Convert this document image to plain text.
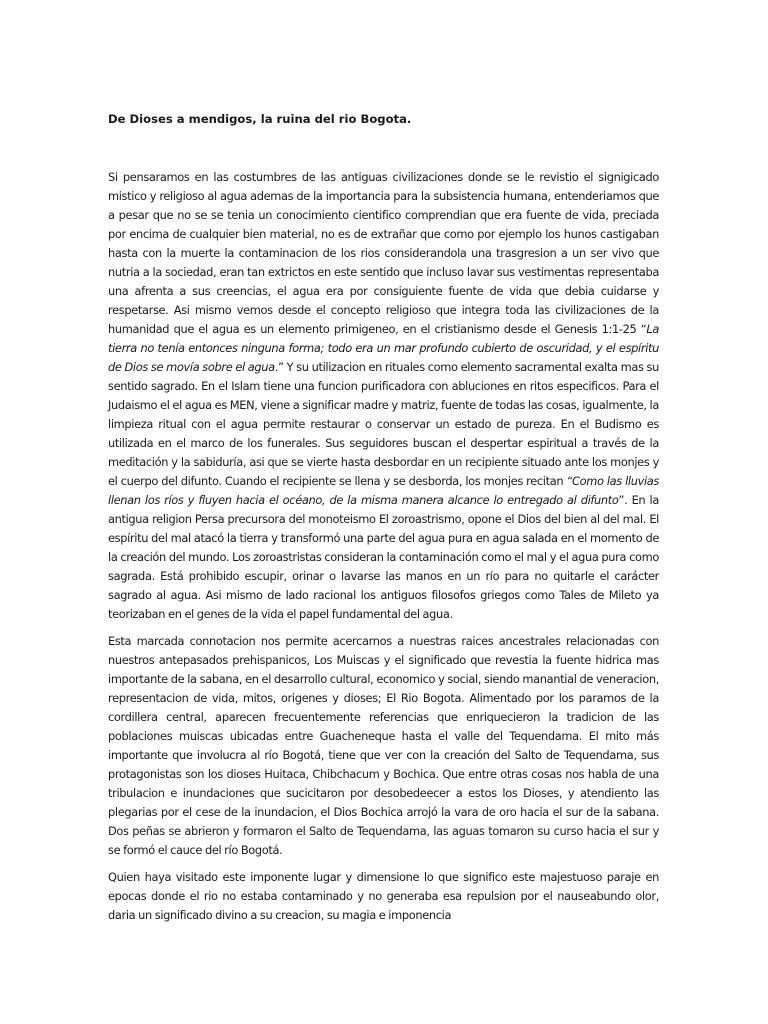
De Dioses a mendigos, la ruina del rio Bogota.

Si pensaramos en las costumbres de las antiguas civilizaciones donde se le revistio el signigicado mistico y religioso al agua ademas de la importancia para la subsistencia humana, entenderiamos que a pesar que no se se tenia un conocimiento cientifico comprendian que era fuente de vida, preciada por encima de cualquier bien material, no es de extrañar que como por ejemplo los hunos castigaban hasta con la muerte la contaminacion de los rios considerandola una trasgresion a un ser vivo que nutria a la sociedad, eran tan extrictos en este sentido que incluso lavar sus vestimentas representaba una afrenta a sus creencias, el agua era por consiguiente fuente de vida que debia cuidarse y respetarse. Asi mismo vemos desde el concepto religioso que integra toda las civilizaciones de la humanidad que el agua es un elemento primigeneo, en el cristianismo desde el Genesis 1:1-25 “La tierra no tenía entonces ninguna forma; todo era un mar profundo cubierto de oscuridad, y el espíritu de Dios se movía sobre el agua.” Y su utilizacion en rituales como elemento sacramental exalta mas su sentido sagrado. En el Islam tiene una funcion purificadora con abluciones en ritos especificos. Para el Judaismo el el agua es MEN, viene a significar madre y matriz, fuente de todas las cosas, igualmente, la limpieza ritual con el agua permite restaurar o conservar un estado de pureza. En el Budismo es utilizada en el marco de los funerales. Sus seguidores buscan el despertar espiritual a través de la meditación y la sabiduría, asi que se vierte hasta desbordar en un recipiente situado ante los monjes y el cuerpo del difunto. Cuando el recipiente se llena y se desborda, los monjes recitan “Como las lluvias llenan los ríos y fluyen hacia el océano, de la misma manera alcance lo entregado al difunto”. En la antigua religion Persa precursora del monoteismo El zoroastrismo, opone el Dios del bien al del mal. El espíritu del mal atacó la tierra y transformó una parte del agua pura en agua salada en el momento de la creación del mundo. Los zoroastristas consideran la contaminación como el mal y el agua pura como sagrada. Está prohibido escupir, orinar o lavarse las manos en un río para no quitarle el carácter sagrado al agua. Asi mismo de lado racional los antiguos filosofos griegos como Tales de Mileto ya teorizaban en el genes de la vida el papel fundamental del agua.

Esta marcada connotacion nos permite acercarnos a nuestras raices ancestrales relacionadas con nuestros antepasados prehispanicos, Los Muiscas y el significado que revestia la fuente hidrica mas importante de la sabana, en el desarrollo cultural, economico y social, siendo manantial de veneracion, representacion de vida, mitos, origenes y dioses; El Rio Bogota. Alimentado por los paramos de la cordillera central, aparecen frecuentemente referencias que enriquecieron la tradicion de las poblaciones muiscas ubicadas entre Guacheneque hasta el valle del Tequendama. El mito más importante que involucra al río Bogotá, tiene que ver con la creación del Salto de Tequendama, sus protagonistas son los dioses Huitaca, Chibchacum y Bochica. Que entre otras cosas nos habla de una tribulacion e inundaciones que sucicitaron por desobedeecer a estos los Dioses, y atendiento las plegarias por el cese de la inundacion, el Dios Bochica arrojó la vara de oro hacia el sur de la sabana. Dos peñas se abrieron y formaron el Salto de Tequendama, las aguas tomaron su curso hacia el sur y se formó el cauce del río Bogotá.

Quien haya visitado este imponente lugar y dimensione lo que significo este majestuoso paraje en epocas donde el rio no estaba contaminado y no generaba esa repulsion por el nauseabundo olor, daria un significado divino a su creacion, su magia e imponencia
